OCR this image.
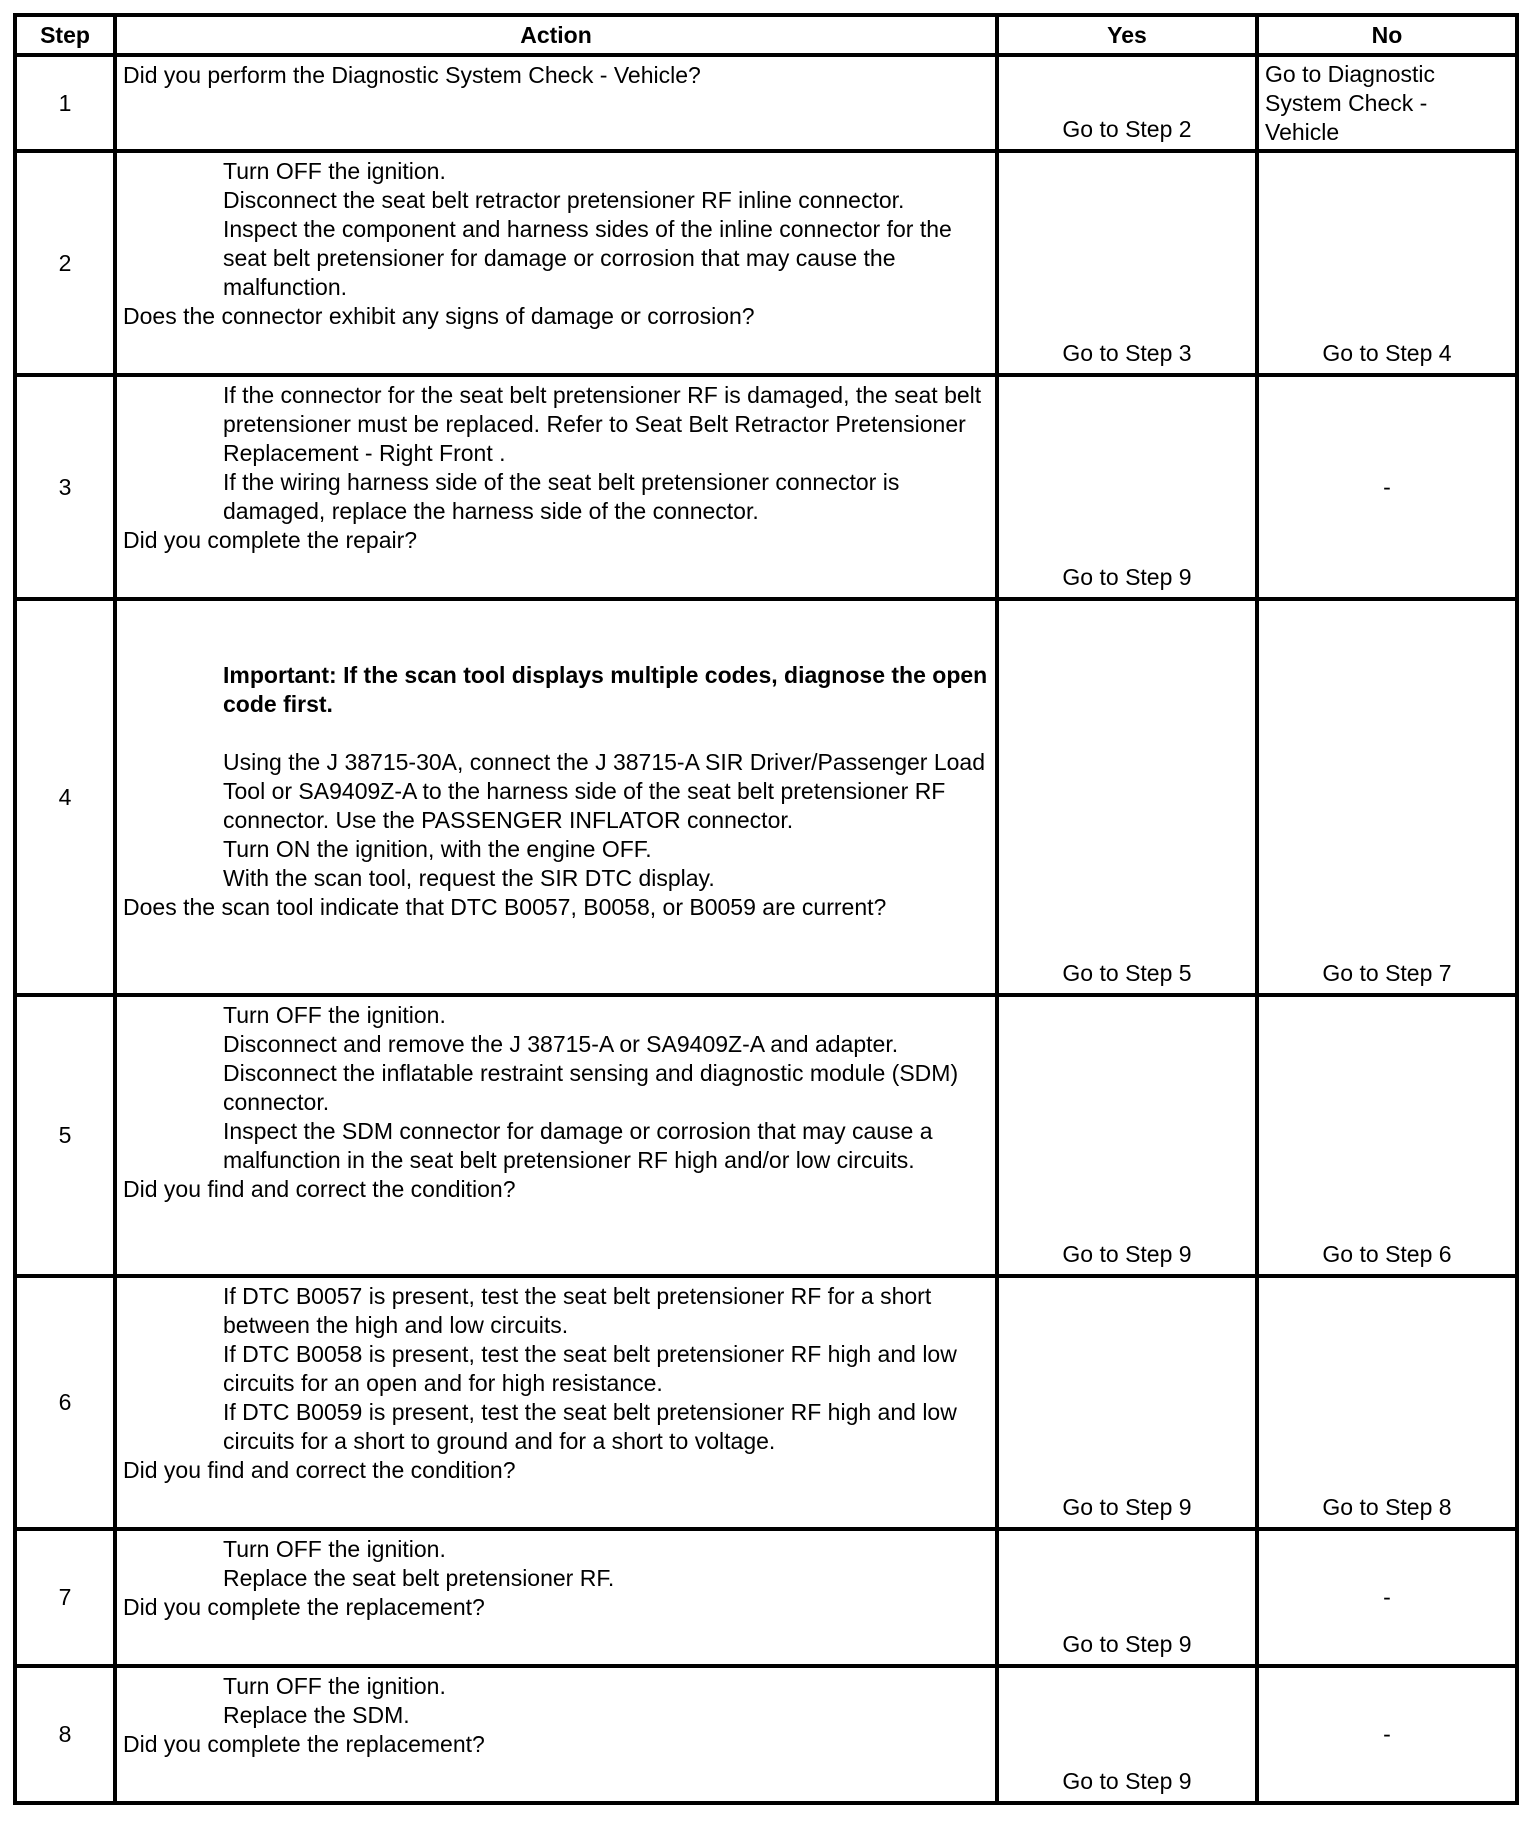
Step	Action	Yes	No
1	Did you perform the Diagnostic System Check - Vehicle?	Go to Step 2	Go to Diagnostic System Check - Vehicle

2	Turn OFF the ignition.
Disconnect the seat belt retractor pretensioner RF inline connector.
Inspect the component and harness sides of the inline connector for the seat belt pretensioner for damage or corrosion that may cause the malfunction.
Does the connector exhibit any signs of damage or corrosion?	Go to Step 3	Go to Step 4
3	If the connector for the seat belt pretensioner RF is damaged, the seat belt pretensioner must be replaced. Refer to Seat Belt Retractor Pretensioner Replacement - Right Front .
If the wiring harness side of the seat belt pretensioner connector is damaged, replace the harness side of the connector.
Did you complete the repair?	Go to Step 9	-
4	Important: If the scan tool displays multiple codes, diagnose the open code first.
Using the J 38715-30A, connect the J 38715-A SIR Driver/Passenger Load Tool or SA9409Z-A to the harness side of the seat belt pretensioner RF connector. Use the PASSENGER INFLATOR connector.
Turn ON the ignition, with the engine OFF.
With the scan tool, request the SIR DTC display.
Does the scan tool indicate that DTC B0057, B0058, or B0059 are current?	Go to Step 5	Go to Step 7
5	Turn OFF the ignition.
Disconnect and remove the J 38715-A or SA9409Z-A and adapter.
Disconnect the inflatable restraint sensing and diagnostic module (SDM) connector.
Inspect the SDM connector for damage or corrosion that may cause a malfunction in the seat belt pretensioner RF high and/or low circuits.
Did you find and correct the condition?	Go to Step 9	Go to Step 6
6	If DTC B0057 is present, test the seat belt pretensioner RF for a short between the high and low circuits.
If DTC B0058 is present, test the seat belt pretensioner RF high and low circuits for an open and for high resistance.
If DTC B0059 is present, test the seat belt pretensioner RF high and low circuits for a short to ground and for a short to voltage.
Did you find and correct the condition?	Go to Step 9	Go to Step 8
7	Turn OFF the ignition.
Replace the seat belt pretensioner RF.
Did you complete the replacement?	Go to Step 9	-
8	Turn OFF the ignition.
Replace the SDM.
Did you complete the replacement?	Go to Step 9	-
